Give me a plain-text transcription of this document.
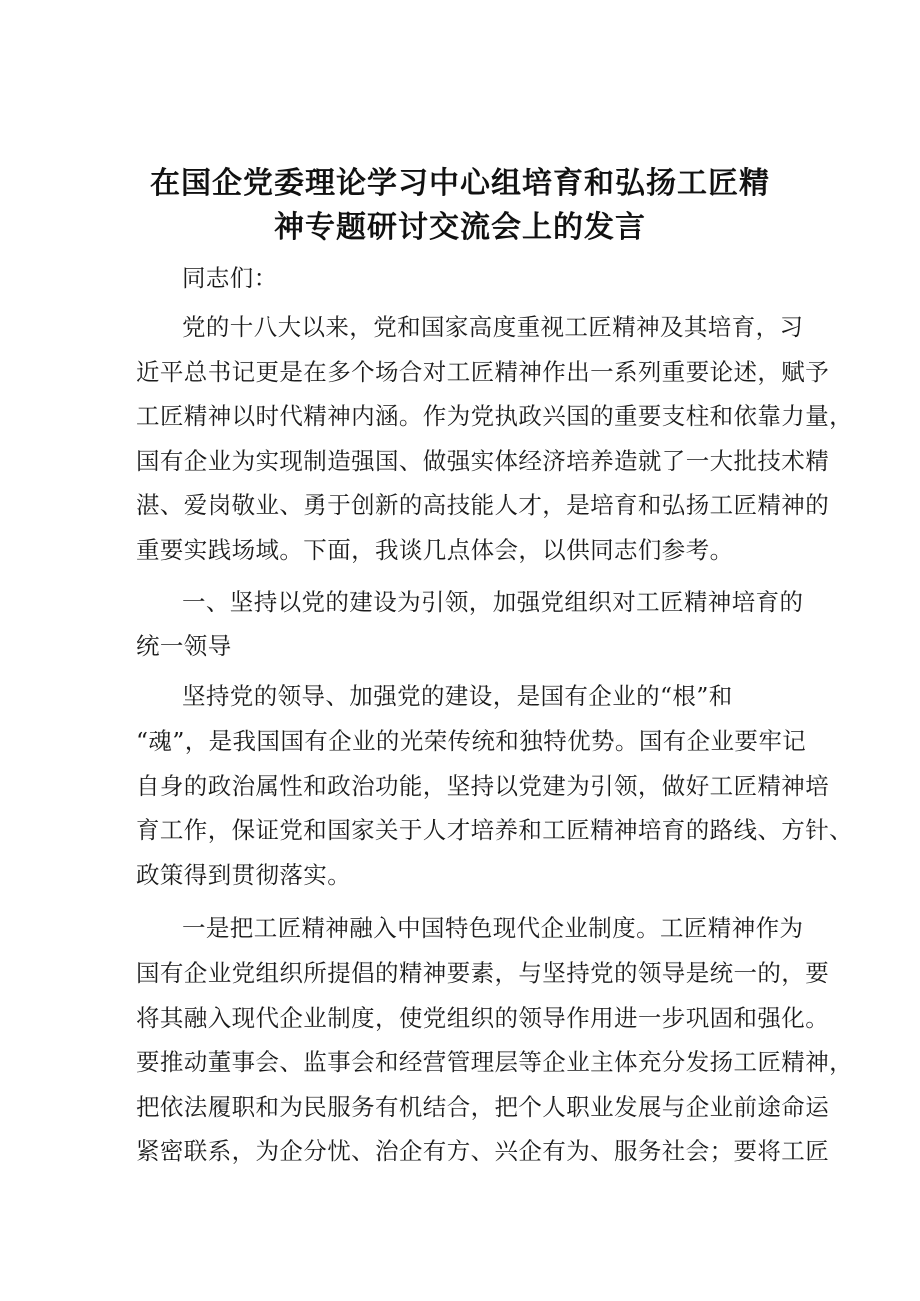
在国企党委理论学习中心组培育和弘扬工匠精
神专题研讨交流会上的发言
同志们：
党的十八大以来，党和国家高度重视工匠精神及其培育，习
近平总书记更是在多个场合对工匠精神作出一系列重要论述，赋予
工匠精神以时代精神内涵。作为党执政兴国的重要支柱和依靠力量，
国有企业为实现制造强国、做强实体经济培养造就了一大批技术精
湛、爱岗敬业、勇于创新的高技能人才，是培育和弘扬工匠精神的
重要实践场域。下面，我谈几点体会，以供同志们参考。
一、坚持以党的建设为引领，加强党组织对工匠精神培育的
统一领导
坚持党的领导、加强党的建设，是国有企业的“根”和
“魂”，是我国国有企业的光荣传统和独特优势。国有企业要牢记
自身的政治属性和政治功能，坚持以党建为引领，做好工匠精神培
育工作，保证党和国家关于人才培养和工匠精神培育的路线、方针、
政策得到贯彻落实。
一是把工匠精神融入中国特色现代企业制度。工匠精神作为
国有企业党组织所提倡的精神要素，与坚持党的领导是统一的，要
将其融入现代企业制度，使党组织的领导作用进一步巩固和强化。
要推动董事会、监事会和经营管理层等企业主体充分发扬工匠精神，
把依法履职和为民服务有机结合，把个人职业发展与企业前途命运
紧密联系，为企分忧、治企有方、兴企有为、服务社会；要将工匠
